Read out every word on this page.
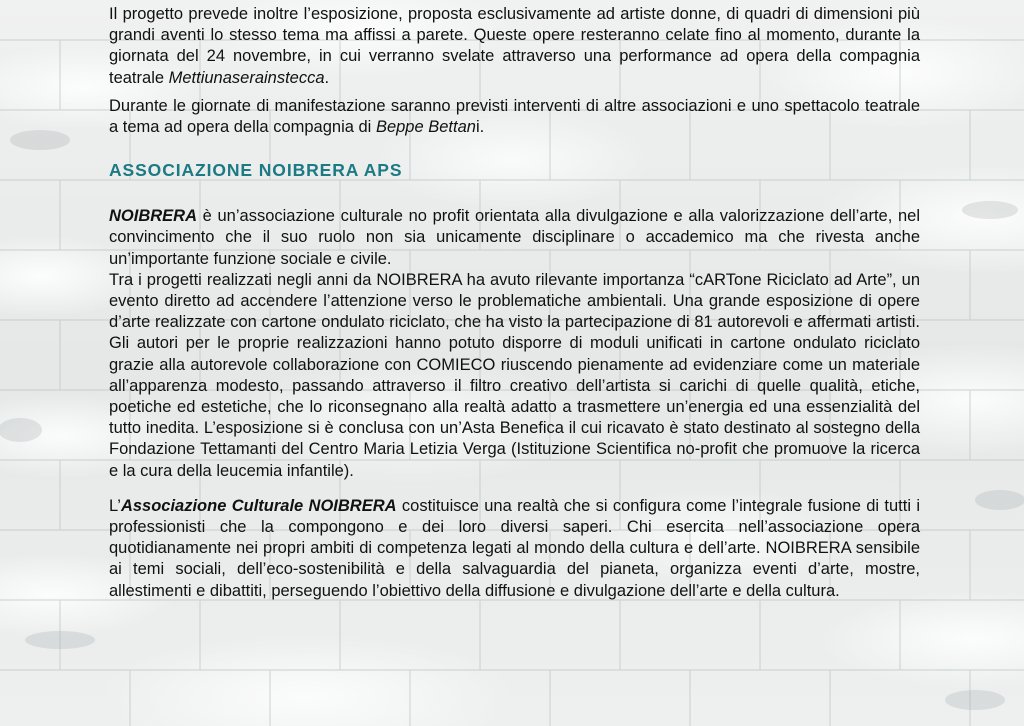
Il progetto prevede inoltre l’esposizione, proposta esclusivamente ad artiste donne, di quadri di dimensioni più grandi aventi lo stesso tema ma affissi a parete. Queste opere resteranno celate fino al momento, durante la giornata del 24 novembre, in cui verranno svelate attraverso una performance ad opera della compagnia teatrale Mettiunaserainstecca.

Durante le giornate di manifestazione saranno previsti interventi di altre associazioni e uno spettacolo teatrale a tema ad opera della compagnia di Beppe Bettani.

ASSOCIAZIONE NOIBRERA APS

NOIBRERA è un’associazione culturale no profit orientata alla divulgazione e alla valorizzazione dell’arte, nel convincimento che il suo ruolo non sia unicamente disciplinare o accademico ma che rivesta anche un’importante funzione sociale e civile.

Tra i progetti realizzati negli anni da NOIBRERA ha avuto rilevante importanza “cARTone Riciclato ad Arte”, un evento diretto ad accendere l’attenzione verso le problematiche ambientali. Una grande esposizione di opere d’arte realizzate con cartone ondulato riciclato, che ha visto la partecipazione di 81 autorevoli e affermati artisti. Gli autori per le proprie realizzazioni hanno potuto disporre di moduli unificati in cartone ondulato riciclato grazie alla autorevole collaborazione con COMIECO riuscendo pienamente ad evidenziare come un materiale all’apparenza modesto, passando attraverso il filtro creativo dell’artista si carichi di quelle qualità, etiche, poetiche ed estetiche, che lo riconsegnano alla realtà adatto a trasmettere un’energia ed una essenzialità del tutto inedita. L’esposizione si è conclusa con un’Asta Benefica il cui ricavato è stato destinato al sostegno della Fondazione Tettamanti del Centro Maria Letizia Verga (Istituzione Scientifica no-profit che promuove la ricerca e la cura della leucemia infantile).

L’Associazione Culturale NOIBRERA costituisce una realtà che si configura come l’integrale fusione di tutti i professionisti che la compongono e dei loro diversi saperi. Chi esercita nell’associazione opera quotidianamente nei propri ambiti di competenza legati al mondo della cultura e dell’arte. NOIBRERA sensibile ai temi sociali, dell’eco-sostenibilità e della salvaguardia del pianeta, organizza eventi d’arte, mostre, allestimenti e dibattiti, perseguendo l’obiettivo della diffusione e divulgazione dell’arte e della cultura.
